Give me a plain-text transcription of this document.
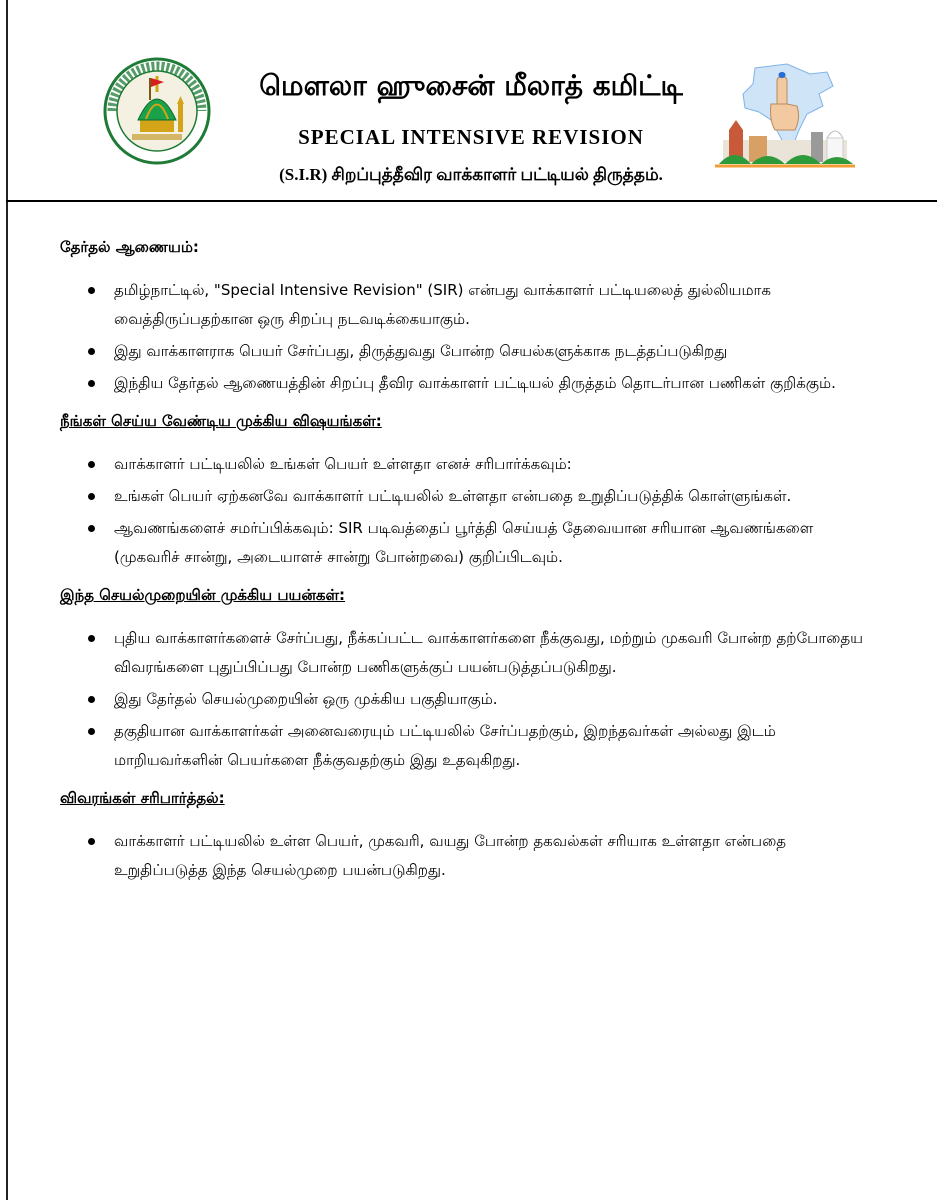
மௌலா ஹுசைன் மீலாத் கமிட்டி
SPECIAL INTENSIVE REVISION
(S.I.R) சிறப்புத்தீவிர வாக்காளர் பட்டியல் திருத்தம்.
தேர்தல் ஆணையம்:
தமிழ்நாட்டில், "Special Intensive Revision" (SIR) என்பது வாக்காளர் பட்டியலைத் துல்லியமாக வைத்திருப்பதற்கான ஒரு சிறப்பு நடவடிக்கையாகும்.
இது வாக்காளராக பெயர் சேர்ப்பது, திருத்துவது போன்ற செயல்களுக்காக நடத்தப்படுகிறது
இந்திய தேர்தல் ஆணையத்தின் சிறப்பு தீவிர வாக்காளர் பட்டியல் திருத்தம் தொடர்பான பணிகள் குறிக்கும்.
நீங்கள் செய்ய வேண்டிய முக்கிய விஷயங்கள்:
வாக்காளர் பட்டியலில் உங்கள் பெயர் உள்ளதா எனச் சரிபார்க்கவும்:
உங்கள் பெயர் ஏற்கனவே வாக்காளர் பட்டியலில் உள்ளதா என்பதை உறுதிப்படுத்திக் கொள்ளுங்கள்.
ஆவணங்களைச் சமர்ப்பிக்கவும்: SIR படிவத்தைப் பூர்த்தி செய்யத் தேவையான சரியான ஆவணங்களை (முகவரிச் சான்று, அடையாளச் சான்று போன்றவை) குறிப்பிடவும்.
இந்த செயல்முறையின் முக்கிய பயன்கள்:
புதிய வாக்காளர்களைச் சேர்ப்பது, நீக்கப்பட்ட வாக்காளர்களை நீக்குவது, மற்றும் முகவரி போன்ற தற்போதைய விவரங்களை புதுப்பிப்பது போன்ற பணிகளுக்குப் பயன்படுத்தப்படுகிறது.
இது தேர்தல் செயல்முறையின் ஒரு முக்கிய பகுதியாகும்.
தகுதியான வாக்காளர்கள் அனைவரையும் பட்டியலில் சேர்ப்பதற்கும், இறந்தவர்கள் அல்லது இடம் மாறியவர்களின் பெயர்களை நீக்குவதற்கும் இது உதவுகிறது.
விவரங்கள் சரிபார்த்தல்:
வாக்காளர் பட்டியலில் உள்ள பெயர், முகவரி, வயது போன்ற தகவல்கள் சரியாக உள்ளதா என்பதை உறுதிப்படுத்த இந்த செயல்முறை பயன்படுகிறது.
